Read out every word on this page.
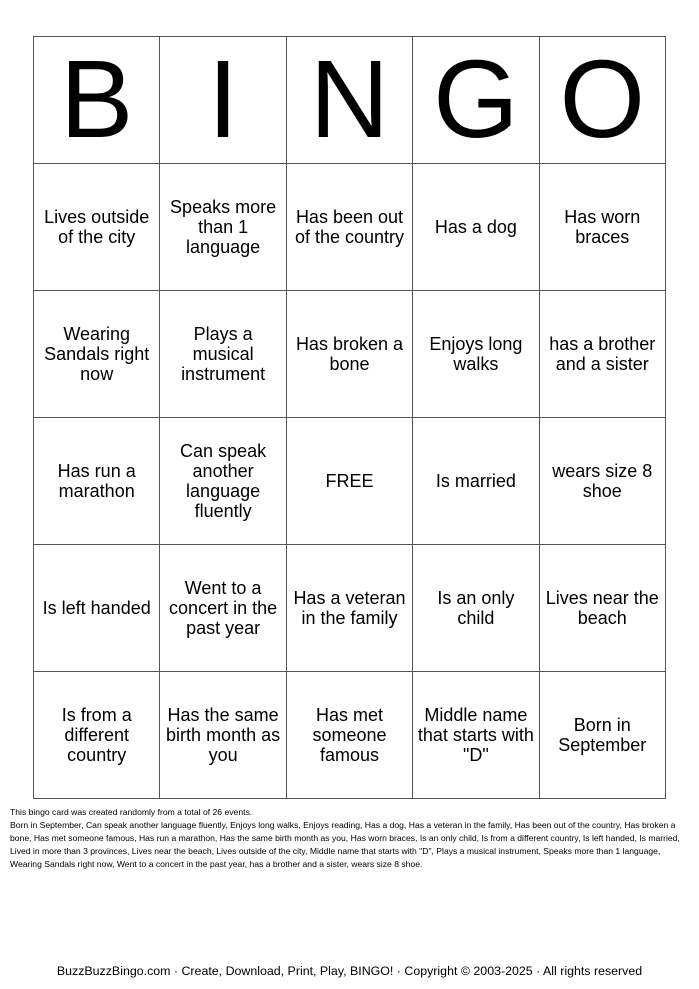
B	I	N	G	O
Lives outside of the city	Speaks more than 1 language	Has been out of the country	Has a dog	Has worn braces
Wearing Sandals right now	Plays a musical instrument	Has broken a bone	Enjoys long walks	has a brother and a sister
Has run a marathon	Can speak another language fluently	FREE	Is married	wears size 8 shoe
Is left handed	Went to a concert in the past year	Has a veteran in the family	Is an only child	Lives near the beach
Is from a different country	Has the same birth month as you	Has met someone famous	Middle name that starts with "D"	Born in September

This bingo card was created randomly from a total of 26 events.

Born in September, Can speak another language fluently, Enjoys long walks, Enjoys reading, Has a dog, Has a veteran in the family, Has been out of the country, Has broken a bone, Has met someone famous, Has run a marathon, Has the same birth month as you, Has worn braces, Is an only child, Is from a different country, Is left handed, Is married, Lived in more than 3 provinces, Lives near the beach, Lives outside of the city, Middle name that starts with "D", Plays a musical instrument, Speaks more than 1 language, Wearing Sandals right now, Went to a concert in the past year, has a brother and a sister, wears size 8 shoe.

BuzzBuzzBingo.com · Create, Download, Print, Play, BINGO! · Copyright © 2003-2025 · All rights reserved
